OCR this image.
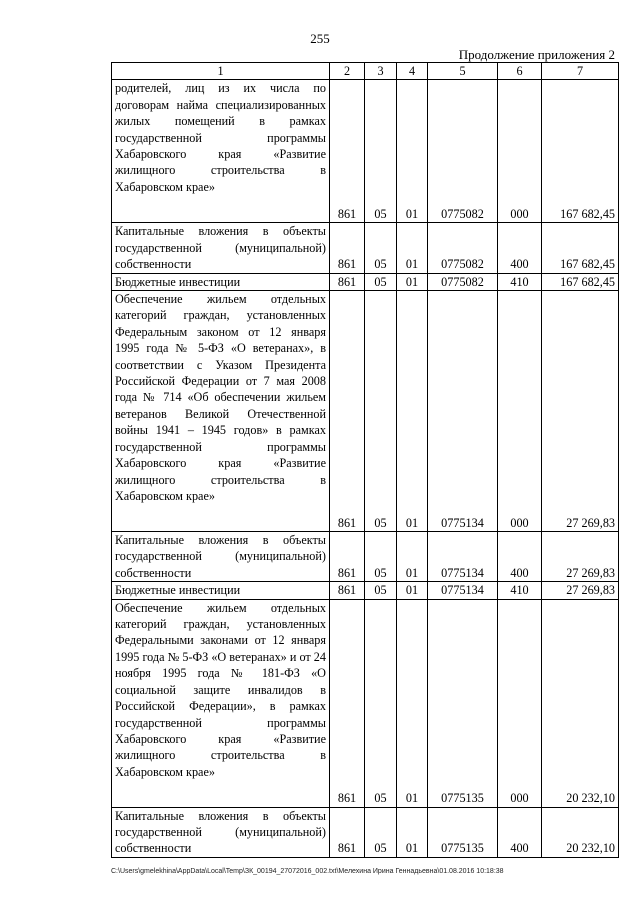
255
Продолжение приложения 2
1	2	3	4	5	6	7

родителей, лиц из их числа по договорам найма специализированных жилых помещений в рамках государственной программы Хабаровского края «Развитие жилищного строительства в Хабаровском крае»	861	05	01	0775082	000	167 682,45

Капитальные вложения в объекты государственной (муниципальной) собственности	861	05	01	0775082	400	167 682,45

Бюджетные инвестиции	861	05	01	0775082	410	167 682,45

Обеспечение жильем отдельных категорий граждан, установленных Федеральным законом от 12 января 1995 года № 5-ФЗ «О ветеранах», в соответствии с Указом Президента Российской Федерации от 7 мая 2008 года № 714 «Об обеспечении жильем ветеранов Великой Отечественной войны 1941 – 1945 годов» в рамках государственной программы Хабаровского края «Развитие жилищного строительства в Хабаровском крае»	861	05	01	0775134	000	27 269,83

Капитальные вложения в объекты государственной (муниципальной) собственности	861	05	01	0775134	400	27 269,83

Бюджетные инвестиции	861	05	01	0775134	410	27 269,83

Обеспечение жильем отдельных категорий граждан, установленных Федеральными законами от 12 января 1995 года № 5-ФЗ «О ветеранах» и от 24 ноября 1995 года № 181-ФЗ «О социальной защите инвалидов в Российской Федерации», в рамках государственной программы Хабаровского края «Развитие жилищного строительства в Хабаровском крае»	861	05	01	0775135	000	20 232,10

Капитальные вложения в объекты государственной (муниципальной) собственности	861	05	01	0775135	400	20 232,10
C:\Users\gmelekhina\AppData\Local\Temp\ЗК_00194_27072016_002.txt\Мелехина Ирина Геннадьевна\01.08.2016 10:18:38
